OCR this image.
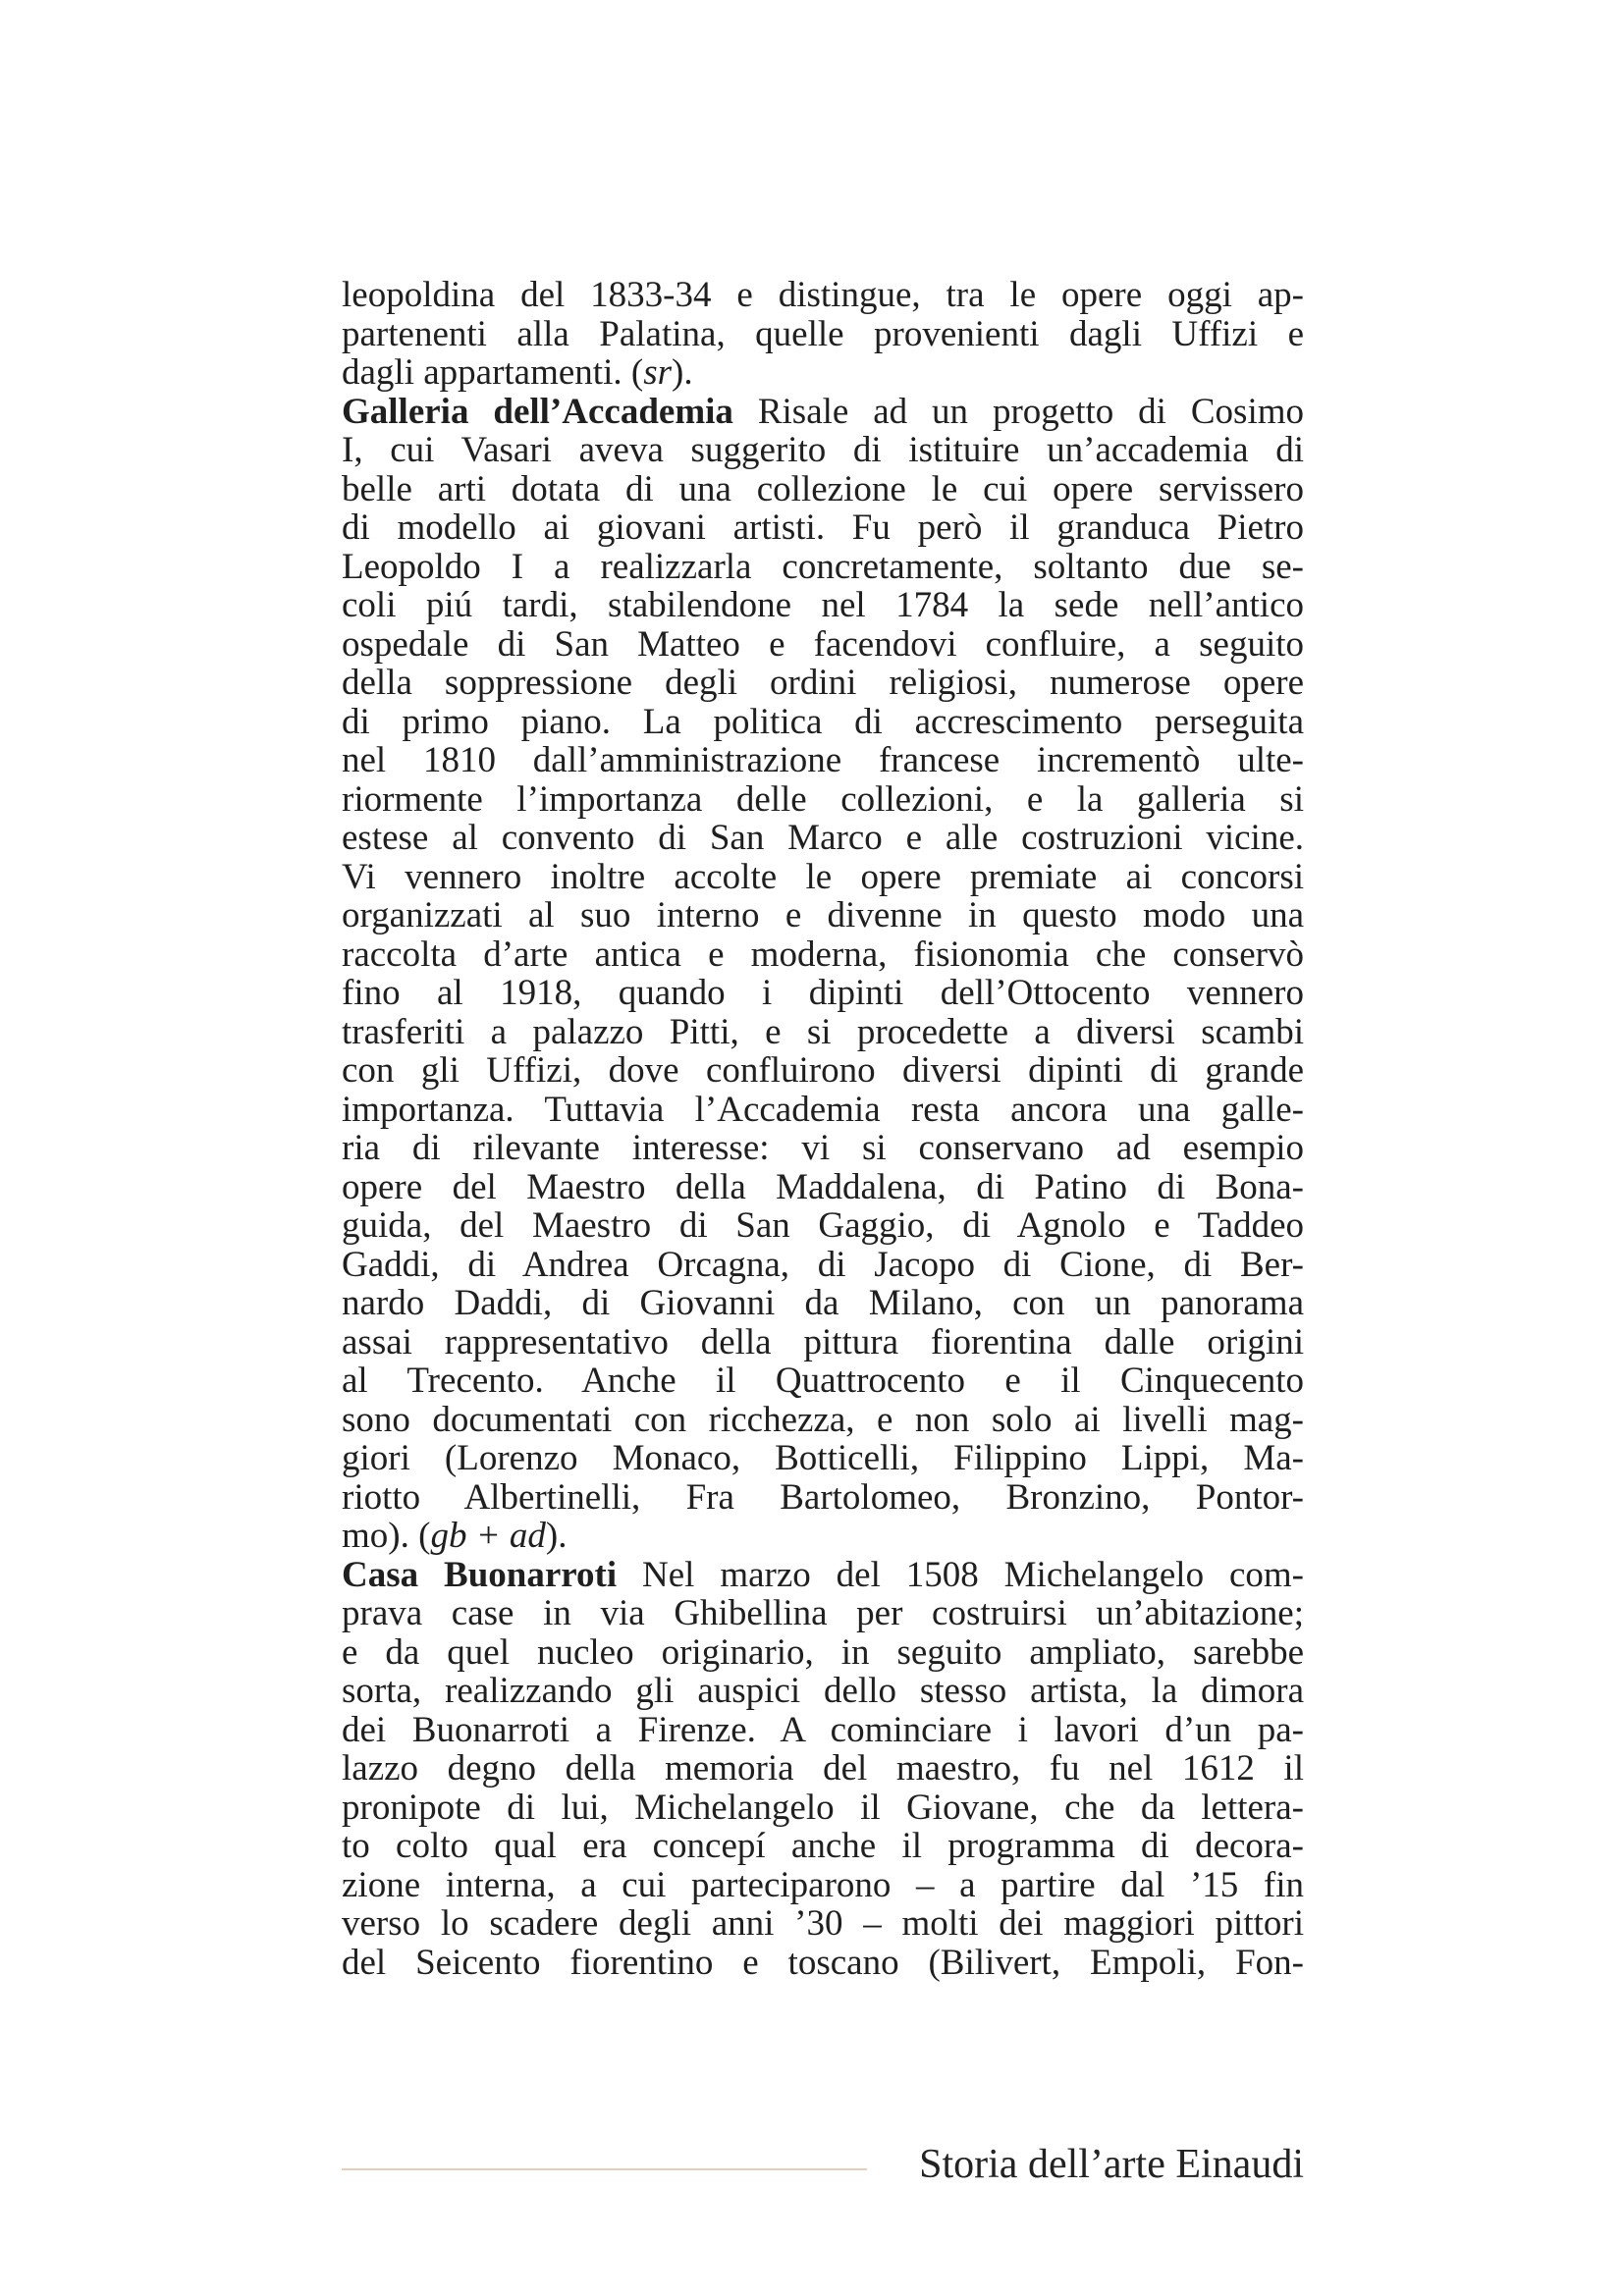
leopoldina del 1833-34 e distingue, tra le opere oggi ap-
partenenti alla Palatina, quelle provenienti dagli Uffizi e
dagli appartamenti. (sr).
Galleria dell’Accademia Risale ad un progetto di Cosimo
I, cui Vasari aveva suggerito di istituire un’accademia di
belle arti dotata di una collezione le cui opere servissero
di modello ai giovani artisti. Fu però il granduca Pietro
Leopoldo I a realizzarla concretamente, soltanto due se-
coli piú tardi, stabilendone nel 1784 la sede nell’antico
ospedale di San Matteo e facendovi confluire, a seguito
della soppressione degli ordini religiosi, numerose opere
di primo piano. La politica di accrescimento perseguita
nel 1810 dall’amministrazione francese incrementò ulte-
riormente l’importanza delle collezioni, e la galleria si
estese al convento di San Marco e alle costruzioni vicine.
Vi vennero inoltre accolte le opere premiate ai concorsi
organizzati al suo interno e divenne in questo modo una
raccolta d’arte antica e moderna, fisionomia che conservò
fino al 1918, quando i dipinti dell’Ottocento vennero
trasferiti a palazzo Pitti, e si procedette a diversi scambi
con gli Uffizi, dove confluirono diversi dipinti di grande
importanza. Tuttavia l’Accademia resta ancora una galle-
ria di rilevante interesse: vi si conservano ad esempio
opere del Maestro della Maddalena, di Patino di Bona-
guida, del Maestro di San Gaggio, di Agnolo e Taddeo
Gaddi, di Andrea Orcagna, di Jacopo di Cione, di Ber-
nardo Daddi, di Giovanni da Milano, con un panorama
assai rappresentativo della pittura fiorentina dalle origini
al Trecento. Anche il Quattrocento e il Cinquecento
sono documentati con ricchezza, e non solo ai livelli mag-
giori (Lorenzo Monaco, Botticelli, Filippino Lippi, Ma-
riotto Albertinelli, Fra Bartolomeo, Bronzino, Pontor-
mo). (gb + ad).
Casa Buonarroti Nel marzo del 1508 Michelangelo com-
prava case in via Ghibellina per costruirsi un’abitazione;
e da quel nucleo originario, in seguito ampliato, sarebbe
sorta, realizzando gli auspici dello stesso artista, la dimora
dei Buonarroti a Firenze. A cominciare i lavori d’un pa-
lazzo degno della memoria del maestro, fu nel 1612 il
pronipote di lui, Michelangelo il Giovane, che da lettera-
to colto qual era concepí anche il programma di decora-
zione interna, a cui parteciparono – a partire dal ’15 fin
verso lo scadere degli anni ’30 – molti dei maggiori pittori
del Seicento fiorentino e toscano (Bilivert, Empoli, Fon-
Storia dell’arte Einaudi
